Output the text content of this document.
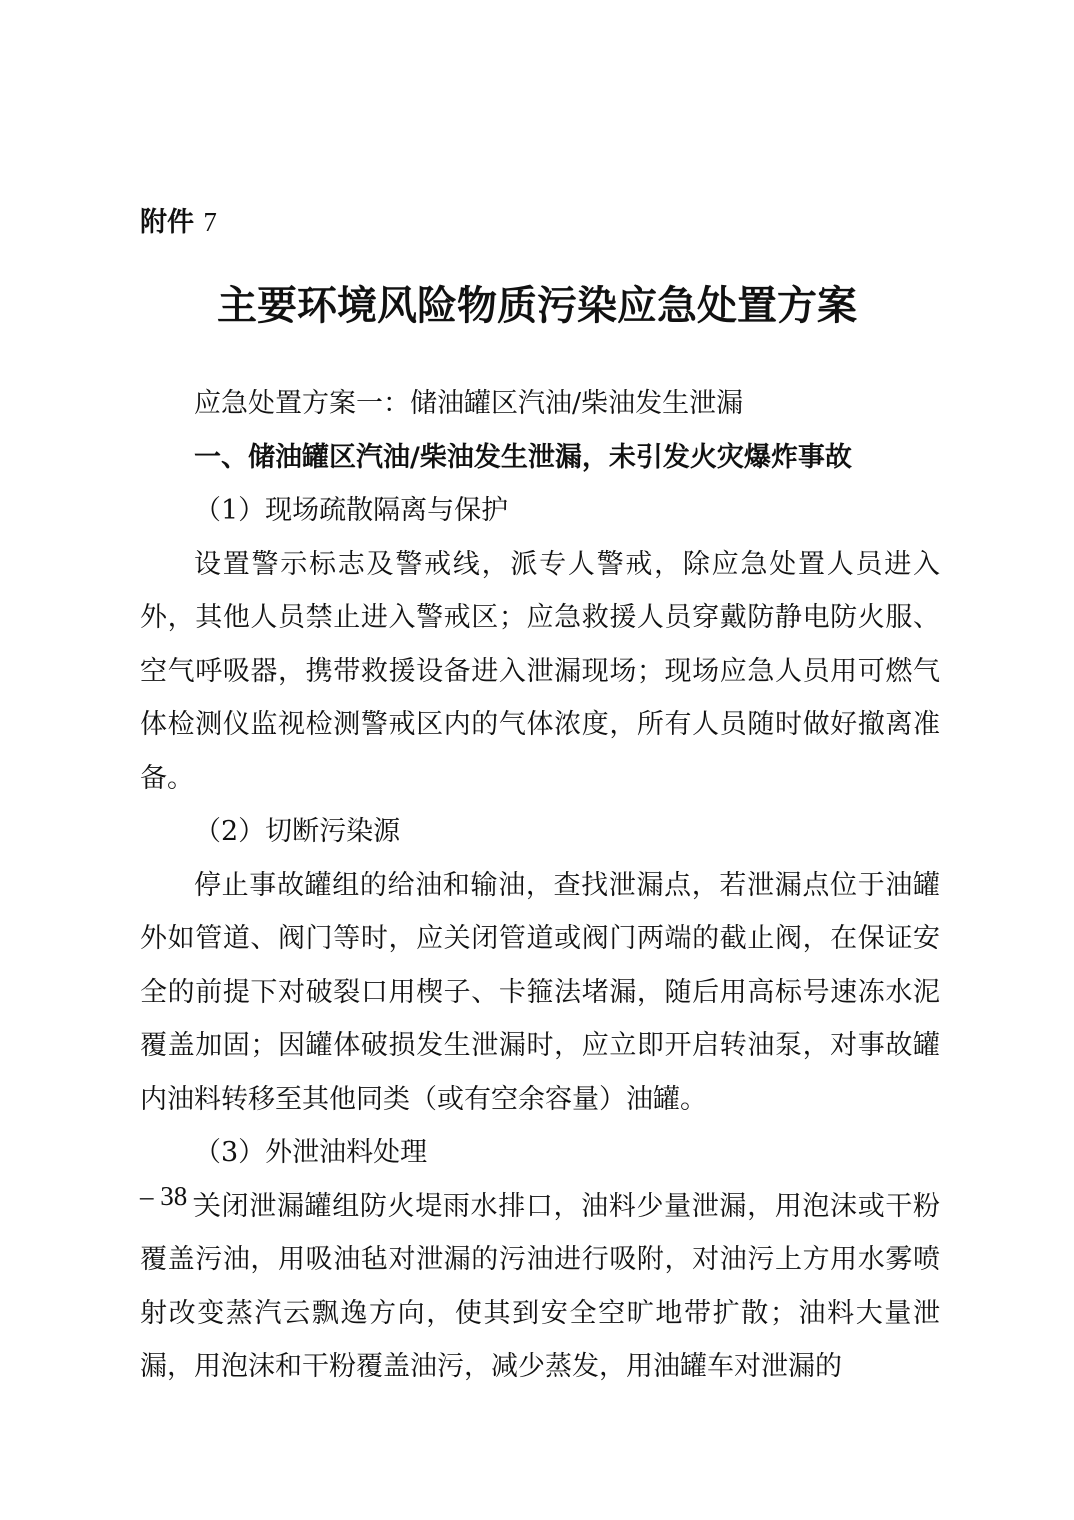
附件 7
主要环境风险物质污染应急处置方案

应急处置方案一：储油罐区汽油/柴油发生泄漏

一、储油罐区汽油/柴油发生泄漏，未引发火灾爆炸事故

（1）现场疏散隔离与保护

设置警示标志及警戒线，派专人警戒，除应急处置人员进入外，其他人员禁止进入警戒区；应急救援人员穿戴防静电防火服、空气呼吸器，携带救援设备进入泄漏现场；现场应急人员用可燃气体检测仪监视检测警戒区内的气体浓度，所有人员随时做好撤离准备。

（2）切断污染源

停止事故罐组的给油和输油，查找泄漏点，若泄漏点位于油罐外如管道、阀门等时，应关闭管道或阀门两端的截止阀，在保证安全的前提下对破裂口用楔子、卡箍法堵漏，随后用高标号速冻水泥覆盖加固；因罐体破损发生泄漏时，应立即开启转油泵，对事故罐内油料转移至其他同类（或有空余容量）油罐。

（3）外泄油料处理

关闭泄漏罐组防火堤雨水排口，油料少量泄漏，用泡沫或干粉覆盖污油，用吸油毡对泄漏的污油进行吸附，对油污上方用水雾喷射改变蒸汽云飘逸方向，使其到安全空旷地带扩散；油料大量泄漏，用泡沫和干粉覆盖油污，减少蒸发，用油罐车对泄漏的

– 38 –
